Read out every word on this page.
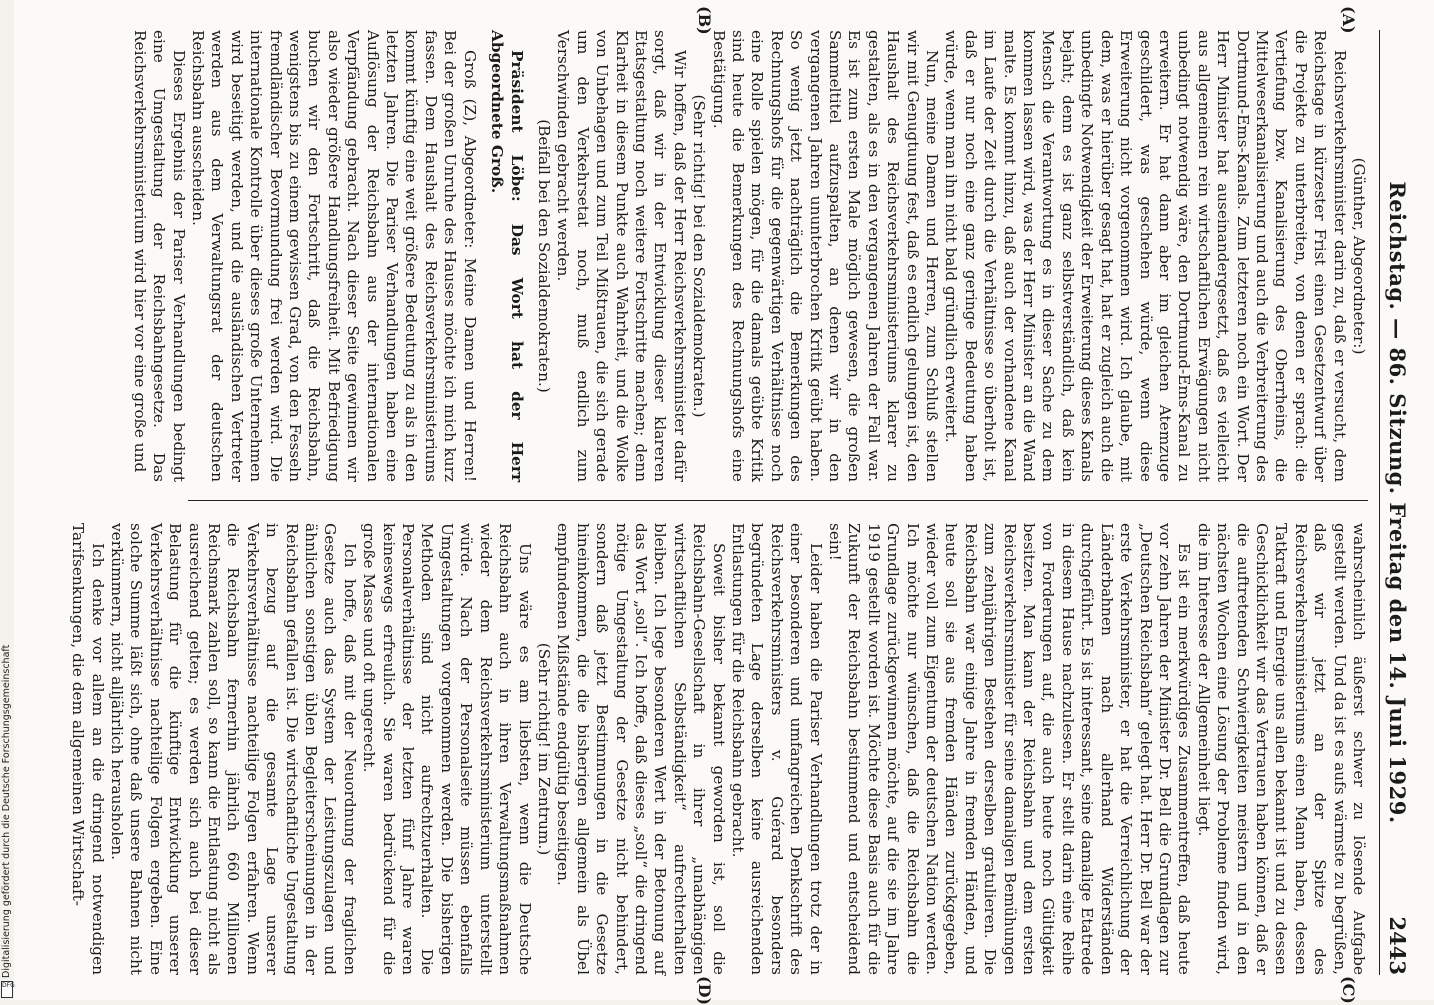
Reichstag. — 86. Sitzung. Freitag den 14. Juni 1929.
2443
(A)
(B)
(C)
(D)

(Günther, Abgeordneter:)

Reichsverkehrsminister darin zu, daß er versucht, dem Reichstage in kürzester Frist einen Gesetzentwurf über die Projekte zu unterbreiten, von denen er sprach: die Vertiefung bzw. Kanalisierung des Oberrheins, die Mittelweserkanalisierung und auch die Verbreiterung des Dortmund-Ems-Kanals. Zum letzteren noch ein Wort. Der Herr Minister hat auseinandergesetzt, daß es vielleicht aus allgemeinen rein wirtschaftlichen Erwägungen nicht unbedingt notwendig wäre, den Dortmund-Ems-Kanal zu erweitern. Er hat dann aber im gleichen Atemzuge geschildert, was geschehen würde, wenn diese Erweiterung nicht vorgenommen wird. Ich glaube, mit dem, was er hierüber gesagt hat, hat er zugleich auch die unbedingte Notwendigkeit der Erweiterung dieses Kanals bejaht; denn es ist ganz selbstverständlich, daß kein Mensch die Verantwortung es in dieser Sache zu dem kommen lassen wird, was der Herr Minister an die Wand malte. Es kommt hinzu, daß auch der vorhandene Kanal im Laufe der Zeit durch die Verhältnisse so überholt ist, daß er nur noch eine ganz geringe Bedeutung haben würde, wenn man ihn nicht bald gründlich erweitert.

Nun, meine Damen und Herren, zum Schluß stellen wir mit Genugtuung fest, daß es endlich gelungen ist, den Haushalt des Reichsverkehrsministeriums klarer zu gestalten, als es in den vergangenen Jahren der Fall war. Es ist zum ersten Male möglich gewesen, die großen Sammeltitel aufzuspalten, an denen wir in den vergangenen Jahren ununterbrochen Kritik geübt haben. So wenig jetzt nachträglich die Bemerkungen des Rechnungshofs für die gegenwärtigen Verhältnisse noch eine Rolle spielen mögen, für die damals geübte Kritik sind heute die Bemerkungen des Rechnungshofs eine Bestätigung.

(Sehr richtig! bei den Sozialdemokraten.)

Wir hoffen, daß der Herr Reichsverkehrsminister dafür sorgt, daß wir in der Entwicklung dieser klareren Etatsgestaltung noch weitere Fortschritte machen; denn Klarheit in diesem Punkte auch Wahrheit, und die Wolke von Unbehagen und zum Teil Mißtrauen, die sich gerade um den Verkehrsetat noch, muß endlich zum Verschwinden gebracht werden.

(Beifall bei den Sozialdemokraten.)

Präsident Löbe: Das Wort hat der Herr Abgeordnete Groß.

Groß (Z), Abgeordneter: Meine Damen und Herren! Bei der großen Unruhe des Hauses möchte ich mich kurz fassen. Dem Haushalt des Reichsverkehrsministeriums kommt künftig eine weit größere Bedeutung zu als in den letzten Jahren. Die Pariser Verhandlungen haben eine Auflösung der Reichsbahn aus der internationalen Verpfändung gebracht. Nach dieser Seite gewinnen wir also wieder größere Handlungsfreiheit. Mit Befriedigung buchen wir den Fortschritt, daß die Reichsbahn, wenigstens bis zu einem gewissen Grad, von den Fesseln fremdländischer Bevormundung frei werden wird. Die internationale Kontrolle über dieses große Unternehmen wird beseitigt werden, und die ausländischen Vertreter werden aus dem Verwaltungsrat der deutschen Reichsbahn ausscheiden.

Dieses Ergebnis der Pariser Verhandlungen bedingt eine Umgestaltung der Reichsbahngesetze. Das Reichsverkehrsministerium wird hier vor eine große und

wahrscheinlich äußerst schwer zu lösende Aufgabe gestellt werden. Und da ist es aufs wärmste zu begrüßen, daß wir jetzt an der Spitze des Reichsverkehrsministeriums einen Mann haben, dessen Tatkraft und Energie uns allen bekannt ist und zu dessen Geschicklichkeit wir das Vertrauen haben können, daß er die auftretenden Schwierigkeiten meistern und in den nächsten Wochen eine Lösung der Probleme finden wird, die im Interesse der Allgemeinheit liegt.

Es ist ein merkwürdiges Zusammentreffen, daß heute vor zehn Jahren der Minister Dr. Bell die Grundlagen zur „Deutschen Reichsbahn“ gelegt hat. Herr Dr. Bell war der erste Verkehrsminister, er hat die Verreichlichung der Länderbahnen nach allerhand Widerständen durchgeführt. Es ist interessant, seine damalige Etatrede in diesem Hause nachzulesen. Er stellt darin eine Reihe von Forderungen auf, die auch heute noch Gültigkeit besitzen. Man kann der Reichsbahn und dem ersten Reichsverkehrsminister für seine damaligen Bemühungen zum zehnjährigen Bestehen derselben gratulieren. Die Reichsbahn war einige Jahre in fremden Händen, und heute soll sie aus fremden Händen zurückgegeben, wieder voll zum Eigentum der deutschen Nation werden. Ich möchte nur wünschen, daß die Reichsbahn die Grundlage zurückgewinnen möchte, auf die sie im Jahre 1919 gestellt worden ist. Möchte diese Basis auch für die Zukunft der Reichsbahn bestimmend und entscheidend sein!

Leider haben die Pariser Verhandlungen trotz der in einer besonderen und umfangreichen Denkschrift des Reichsverkehrsministers v. Guérard besonders begründeten Lage derselben keine ausreichenden Entlastungen für die Reichsbahn gebracht.

Soweit bisher bekannt geworden ist, soll die Reichsbahn-Gesellschaft in ihrer „unabhängigen wirtschaftlichen Selbständigkeit“ aufrechterhalten bleiben. Ich lege besonderen Wert in der Betonung auf das Wort „soll“. Ich hoffe, daß dieses „soll“ die dringend nötige Umgestaltung der Gesetze nicht behindert, sondern daß jetzt Bestimmungen in die Gesetze hineinkommen, die die bisherigen allgemein als Übel empfundenen Mißstände endgültig beseitigen.

(Sehr richtig! im Zentrum.)

Uns wäre es am liebsten, wenn die Deutsche Reichsbahn auch in ihren Verwaltungsmaßnahmen wieder dem Reichsverkehrsministerium unterstellt würde. Nach der Personalseite müssen ebenfalls Umgestaltungen vorgenommen werden. Die bisherigen Methoden sind nicht aufrechtzuerhalten. Die Personalverhältnisse der letzten fünf Jahre waren keineswegs erfreulich. Sie waren bedrückend für die große Masse und oft ungerecht.

Ich hoffe, daß mit der Neuordnung der fraglichen Gesetze auch das System der Leistungszulagen und ähnlichen sonstigen üblen Begleiterscheinungen in der Reichsbahn gefallen ist. Die wirtschaftliche Ungestaltung in bezug auf die gesamte Lage unserer Verkehrsverhältnisse nachteilige Folgen erfahren. Wenn die Reichsbahn fernerhin jährlich 660 Millionen Reichsmark zahlen soll, so kann die Entlastung nicht als ausreichend gelten; es werden sich auch bei dieser Belastung für die künftige Entwicklung unserer Verkehrsverhältnisse nachteilige Folgen ergeben. Eine solche Summe läßt sich, ohne daß unsere Bahnen nicht verkümmern, nicht alljährlich herausholen.

Ich denke vor allem an die dringend notwendigen Tarifsenkungen, die dem allgemeinen Wirtschaft-

Digitalisierung gefördert durch die Deutsche Forschungsgemeinschaft
DFG
